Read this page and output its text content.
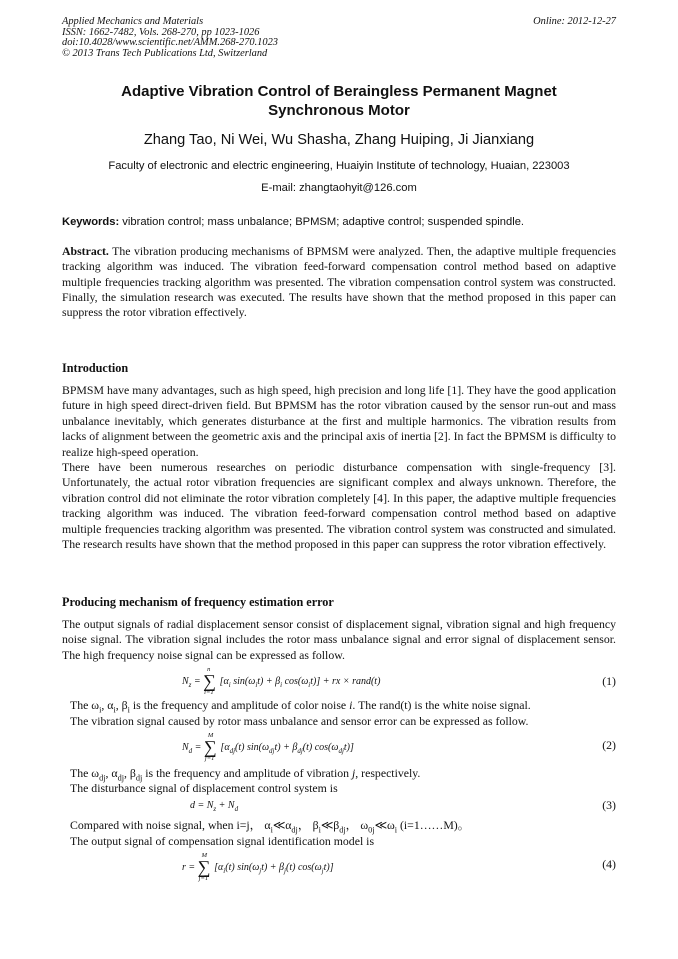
Applied Mechanics and Materials
ISSN: 1662-7482, Vols. 268-270, pp 1023-1026
doi:10.4028/www.scientific.net/AMM.268-270.1023
© 2013 Trans Tech Publications Ltd, Switzerland
Online: 2012-12-27
Adaptive Vibration Control of Beraingless Permanent Magnet
Synchronous Motor
Zhang Tao, Ni Wei, Wu Shasha, Zhang Huiping, Ji Jianxiang
Faculty of electronic and electric engineering, Huaiyin Institute of technology, Huaian, 223003
E-mail: zhangtaohyit@126.com
Keywords: vibration control; mass unbalance; BPMSM; adaptive control; suspended spindle.
Abstract. The vibration producing mechanisms of BPMSM were analyzed. Then, the adaptive multiple frequencies tracking algorithm was induced. The vibration feed-forward compensation control method based on adaptive multiple frequencies tracking algorithm was presented. The vibration compensation control system was constructed. Finally, the simulation research was executed. The results have shown that the method proposed in this paper can suppress the rotor vibration effectively.
Introduction
BPMSM have many advantages, such as high speed, high precision and long life [1]. They have the good application future in high speed direct-driven field. But BPMSM has the rotor vibration caused by the sensor run-out and mass unbalance inevitably, which generates disturbance at the first and multiple harmonics. The vibration results from lacks of alignment between the geometric axis and the principal axis of inertia [2]. In fact the BPMSM is difficulty to realize high-speed operation.
There have been numerous researches on periodic disturbance compensation with single-frequency [3]. Unfortunately, the actual rotor vibration frequencies are significant complex and always unknown. Therefore, the vibration control did not eliminate the rotor vibration completely [4]. In this paper, the adaptive multiple frequencies tracking algorithm was induced. The vibration feed-forward compensation control method based on adaptive multiple frequencies tracking algorithm was presented. The vibration control system was constructed and simulated. The research results have shown that the method proposed in this paper can suppress the rotor vibration effectively.
Producing mechanism of frequency estimation error
The output signals of radial displacement sensor consist of displacement signal, vibration signal and high frequency noise signal. The vibration signal includes the rotor mass unbalance signal and error signal of displacement sensor. The high frequency noise signal can be expressed as follow.
$N_z$ =
n
∑
i=1
[$\alpha_i$ $\sin(\omega_it) + \beta_i$ $\cos(\omega_it)$] + rx × rand(t)	(1)
The $\omega_i$, $\alpha_i$, $\beta_i$ is the frequency and amplitude of color noise i. The rand(t) is the white noise signal.
The vibration signal caused by rotor mass unbalance and sensor error can be expressed as follow.
$N_d$ =
M
∑
j=1
[$\alpha_{dj}(t) \sin(\omega_{dj}t) + \beta_{dj}(t)$ $\cos(\omega_{dj}t)$]	(2)
The $\omega_{dj}$, $\alpha_{dj}$, $\beta_{dj}$ is the frequency and amplitude of vibration j, respectively.
The disturbance signal of displacement control system is
$d = N_z + N_d$	(3)
Compared with noise signal, when i=j， $\alpha_i≪\alpha_{dj}$， $\beta_i≪\beta_{dj}$， $\omega_{0j}≪\omega_i$ (i=1……M)。
The output signal of compensation signal identification model is
r =
M
∑
j=1
[$\alpha_i(t) \sin(\omega_jt) + \beta_j(t)$ $\cos(\omega_jt)$]	(4)
